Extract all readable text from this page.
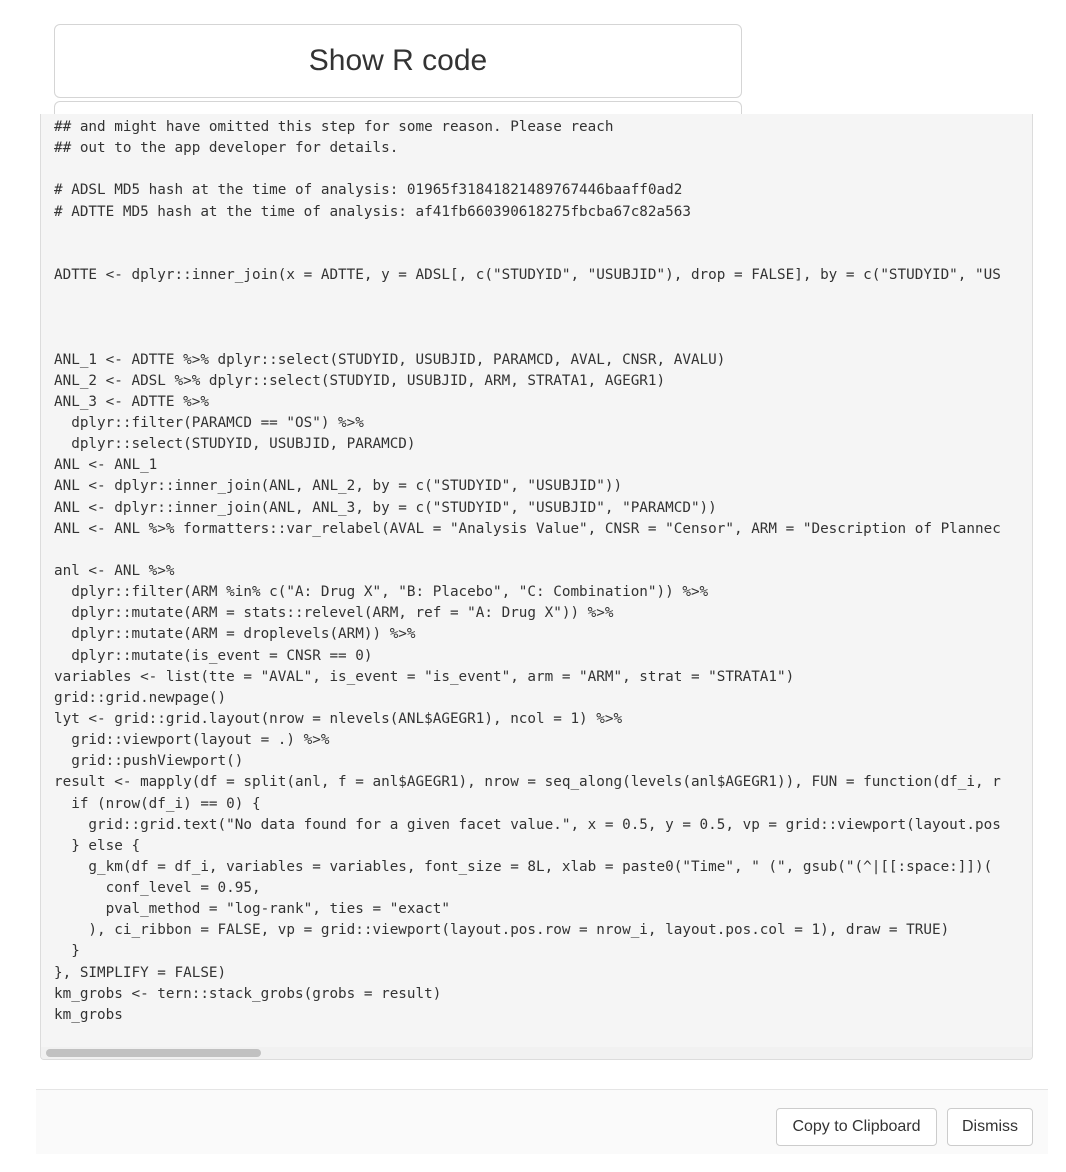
Show R code
## and might have omitted this step for some reason. Please reach
## out to the app developer for details.
# ADSL MD5 hash at the time of analysis: 01965f31841821489767446baaff0ad2
# ADTTE MD5 hash at the time of analysis: af41fb660390618275fbcba67c82a563
ADTTE <- dplyr::inner_join(x = ADTTE, y = ADSL[, c("STUDYID", "USUBJID"), drop = FALSE], by = c("STUDYID", "US
ANL_1 <- ADTTE %>% dplyr::select(STUDYID, USUBJID, PARAMCD, AVAL, CNSR, AVALU)
ANL_2 <- ADSL %>% dplyr::select(STUDYID, USUBJID, ARM, STRATA1, AGEGR1)
ANL_3 <- ADTTE %>%
dplyr::filter(PARAMCD == "OS") %>%
dplyr::select(STUDYID, USUBJID, PARAMCD)
ANL <- ANL_1
ANL <- dplyr::inner_join(ANL, ANL_2, by = c("STUDYID", "USUBJID"))
ANL <- dplyr::inner_join(ANL, ANL_3, by = c("STUDYID", "USUBJID", "PARAMCD"))
ANL <- ANL %>% formatters::var_relabel(AVAL = "Analysis Value", CNSR = "Censor", ARM = "Description of Plannec
anl <- ANL %>%
dplyr::filter(ARM %in% c("A: Drug X", "B: Placebo", "C: Combination")) %>%
dplyr::mutate(ARM = stats::relevel(ARM, ref = "A: Drug X")) %>%
dplyr::mutate(ARM = droplevels(ARM)) %>%
dplyr::mutate(is_event = CNSR == 0)
variables <- list(tte = "AVAL", is_event = "is_event", arm = "ARM", strat = "STRATA1")
grid::grid.newpage()
lyt <- grid::grid.layout(nrow = nlevels(ANL$AGEGR1), ncol = 1) %>%
grid::viewport(layout = .) %>%
grid::pushViewport()
result <- mapply(df = split(anl, f = anl$AGEGR1), nrow = seq_along(levels(anl$AGEGR1)), FUN = function(df_i, r
if (nrow(df_i) == 0) {
grid::grid.text("No data found for a given facet value.", x = 0.5, y = 0.5, vp = grid::viewport(layout.pos
} else {
g_km(df = df_i, variables = variables, font_size = 8L, xlab = paste0("Time", " (", gsub("(^|[[:space:]])(
conf_level = 0.95,
pval_method = "log-rank", ties = "exact"
), ci_ribbon = FALSE, vp = grid::viewport(layout.pos.row = nrow_i, layout.pos.col = 1), draw = TRUE)
}
}, SIMPLIFY = FALSE)
km_grobs <- tern::stack_grobs(grobs = result)
km_grobs
Copy to Clipboard	Dismiss
